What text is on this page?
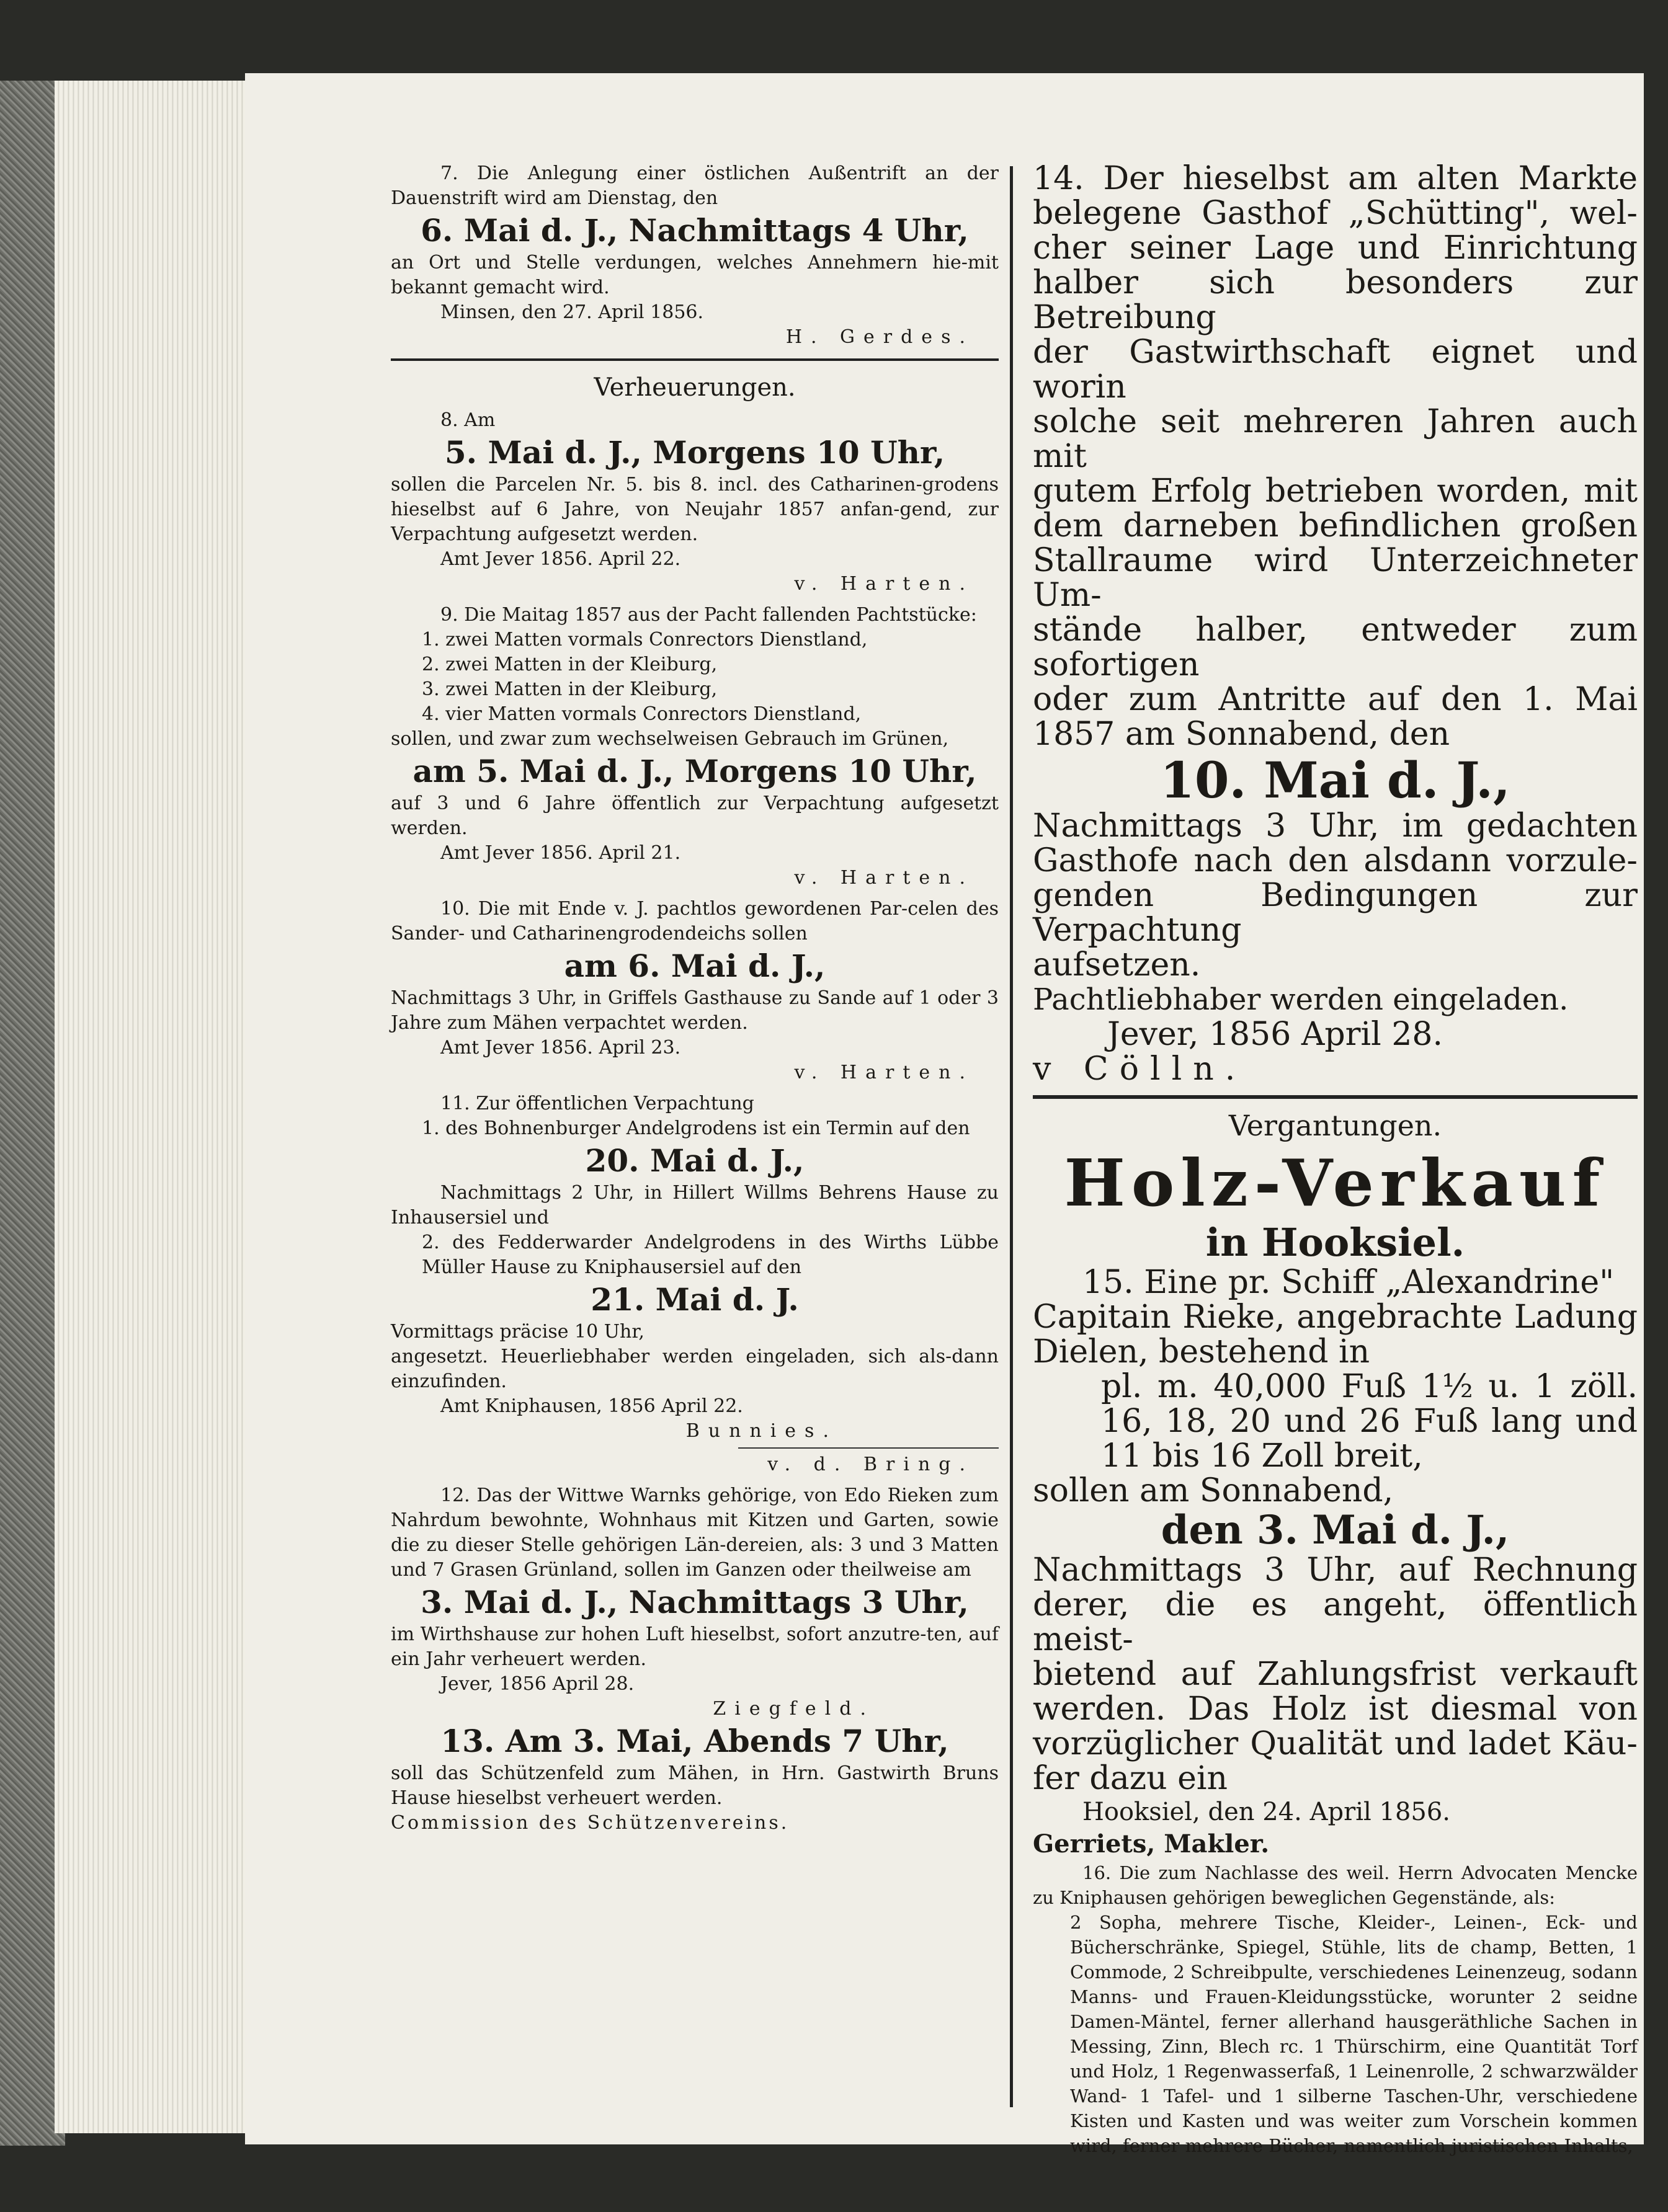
7. Die Anlegung einer östlichen Außentrift an der Dauenstrift wird am Dienstag, den

6. Mai d. J., Nachmittags 4 Uhr,

an Ort und Stelle verdungen, welches Annehmern hie-mit bekannt gemacht wird.

Minsen, den 27. April 1856.

H. Gerdes.

Verheuerungen.

8. Am

5. Mai d. J., Morgens 10 Uhr,

sollen die Parcelen Nr. 5. bis 8. incl. des Catharinen-grodens hieselbst auf 6 Jahre, von Neujahr 1857 anfan-gend, zur Verpachtung aufgesetzt werden.

Amt Jever 1856. April 22.

v. Harten.

9. Die Maitag 1857 aus der Pacht fallenden Pachtstücke:

1. zwei Matten vormals Conrectors Dienstland,

2. zwei Matten in der Kleiburg,

3. zwei Matten in der Kleiburg,

4. vier Matten vormals Conrectors Dienstland,

sollen, und zwar zum wechselweisen Gebrauch im Grünen,

am 5. Mai d. J., Morgens 10 Uhr,

auf 3 und 6 Jahre öffentlich zur Verpachtung aufgesetzt werden.

Amt Jever 1856. April 21.

v. Harten.

10. Die mit Ende v. J. pachtlos gewordenen Par-celen des Sander- und Catharinengrodendeichs sollen

am 6. Mai d. J.,

Nachmittags 3 Uhr, in Griffels Gasthause zu Sande auf 1 oder 3 Jahre zum Mähen verpachtet werden.

Amt Jever 1856. April 23.

v. Harten.

11. Zur öffentlichen Verpachtung

1. des Bohnenburger Andelgrodens ist ein Termin auf den

20. Mai d. J.,

Nachmittags 2 Uhr, in Hillert Willms Behrens Hause zu Inhausersiel und

2. des Fedderwarder Andelgrodens in des Wirths Lübbe Müller Hause zu Kniphausersiel auf den

21. Mai d. J.

Vormittags präcise 10 Uhr,

angesetzt. Heuerliebhaber werden eingeladen, sich als-dann einzufinden.

Amt Kniphausen, 1856 April 22.

Bunnies.

v. d. Bring.

12. Das der Wittwe Warnks gehörige, von Edo Rieken zum Nahrdum bewohnte, Wohnhaus mit Kitzen und Garten, sowie die zu dieser Stelle gehörigen Län-dereien, als: 3 und 3 Matten und 7 Grasen Grünland, sollen im Ganzen oder theilweise am

3. Mai d. J., Nachmittags 3 Uhr,

im Wirthshause zur hohen Luft hieselbst, sofort anzutre-ten, auf ein Jahr verheuert werden.

Jever, 1856 April 28.

Ziegfeld.

13. Am 3. Mai, Abends 7 Uhr,

soll das Schützenfeld zum Mähen, in Hrn. Gastwirth Bruns Hause hieselbst verheuert werden.

Commission des Schützenvereins.

14. Der hieselbst am alten Markte

belegene Gasthof „Schütting", wel-

cher seiner Lage und Einrichtung

halber sich besonders zur Betreibung

der Gastwirthschaft eignet und worin

solche seit mehreren Jahren auch mit

gutem Erfolg betrieben worden, mit

dem darneben befindlichen großen

Stallraume wird Unterzeichneter Um-

stände halber, entweder zum sofortigen

oder zum Antritte auf den 1. Mai

1857 am Sonnabend, den

10. Mai d. J.,

Nachmittags 3 Uhr, im gedachten

Gasthofe nach den alsdann vorzule-

genden Bedingungen zur Verpachtung

aufsetzen.

Pachtliebhaber werden eingeladen.

Jever, 1856 April 28.

v Cölln.

Vergantungen.

Holz-Verkauf

in Hooksiel.

15. Eine pr. Schiff „Alexandrine"

Capitain Rieke, angebrachte Ladung

Dielen, bestehend in

pl. m. 40,000 Fuß 1½ u. 1 zöll.

16, 18, 20 und 26 Fuß lang und

11 bis 16 Zoll breit,

sollen am Sonnabend,

den 3. Mai d. J.,

Nachmittags 3 Uhr, auf Rechnung

derer, die es angeht, öffentlich meist-

bietend auf Zahlungsfrist verkauft

werden. Das Holz ist diesmal von

vorzüglicher Qualität und ladet Käu-

fer dazu ein

Hooksiel, den 24. April 1856.

Gerriets, Makler.

16. Die zum Nachlasse des weil. Herrn Advocaten Mencke zu Kniphausen gehörigen beweglichen Gegenstände, als:

2 Sopha, mehrere Tische, Kleider-, Leinen-, Eck- und Bücherschränke, Spiegel, Stühle, lits de champ, Betten, 1 Commode, 2 Schreibpulte, verschiedenes Leinenzeug, sodann Manns- und Frauen-Kleidungsstücke, worunter 2 seidne Damen-Mäntel, ferner allerhand hausgeräthliche Sachen in Messing, Zinn, Blech rc. 1 Thürschirm, eine Quantität Torf und Holz, 1 Regenwasserfaß, 1 Leinenrolle, 2 schwarzwälder Wand- 1 Tafel- und 1 silberne Taschen-Uhr, verschiedene Kisten und Kasten und was weiter zum Vorschein kommen wird, ferner mehrere Bücher, namentlich juristischen Inhalts,
